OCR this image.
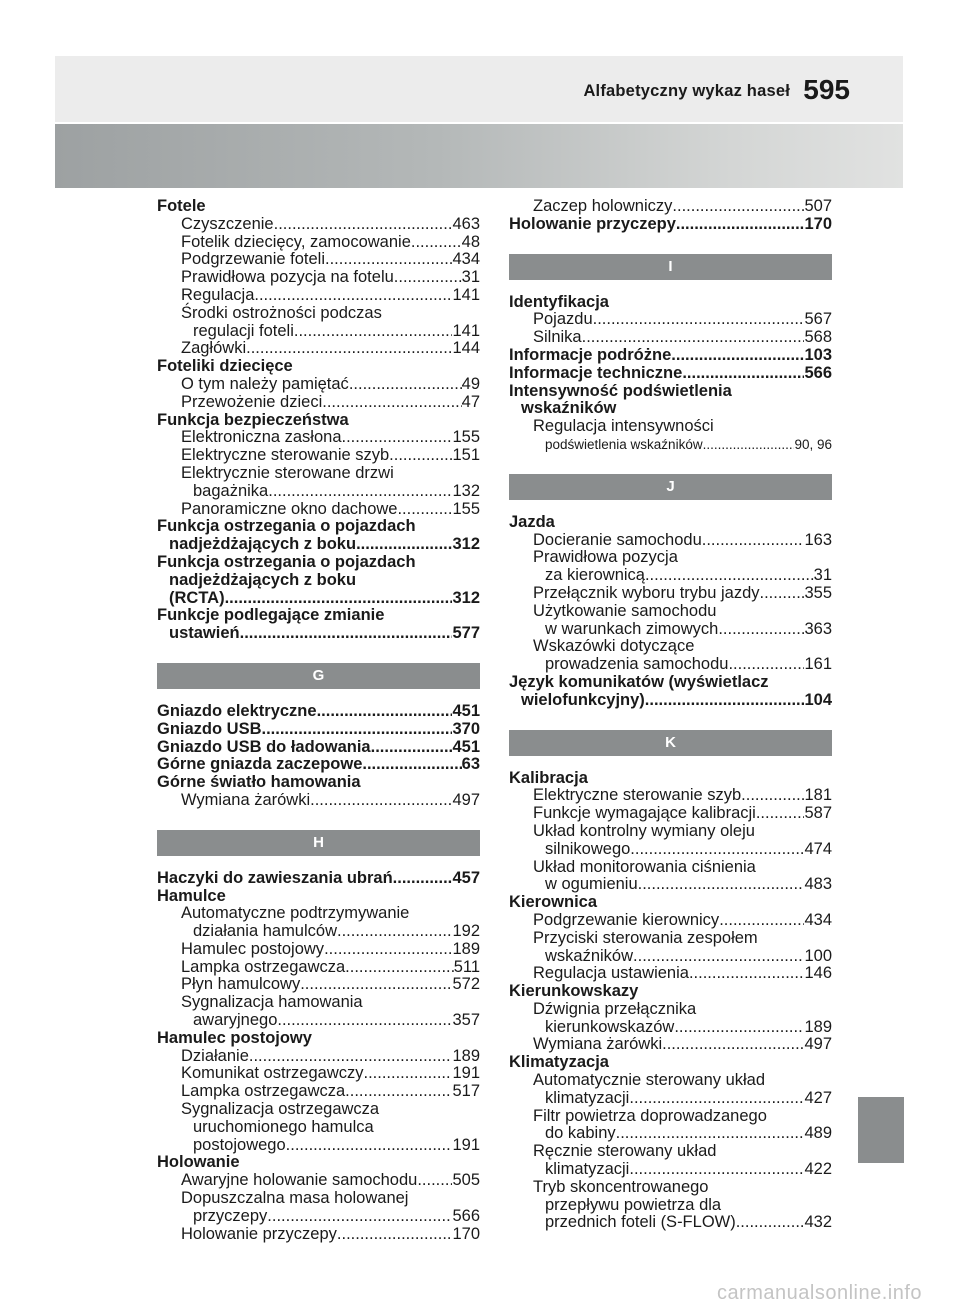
Alfabetyczny wykaz haseł 595
Fotele
Czyszczenie .....	463
Fotelik dziecięcy, zamocowanie .....	48
Podgrzewanie foteli .....	434
Prawidłowa pozycja na fotelu .....	31
Regulacja .....	141
Środki ostrożności podczas
regulacji foteli .....	141
Zagłówki .....	144
Foteliki dziecięce
O tym należy pamiętać .....	49
Przewożenie dzieci .....	47
Funkcja bezpieczeństwa
Elektroniczna zasłona .....	155
Elektryczne sterowanie szyb .....	151
Elektrycznie sterowane drzwi
bagażnika .....	132
Panoramiczne okno dachowe .....	155
Funkcja ostrzegania o pojazdach
nadjeżdżających z boku .....	312
Funkcja ostrzegania o pojazdach
nadjeżdżających z boku
(RCTA) .....	312
Funkcje podlegające zmianie
ustawień .....	577
G
Gniazdo elektryczne .....	451
Gniazdo USB .....	370
Gniazdo USB do ładowania .....	451
Górne gniazda zaczepowe .....	63
Górne światło hamowania
Wymiana żarówki .....	497
H
Haczyki do zawieszania ubrań .....	457
Hamulce
Automatyczne podtrzymywanie
działania hamulców .....	192
Hamulec postojowy .....	189
Lampka ostrzegawcza .....	511
Płyn hamulcowy .....	572
Sygnalizacja hamowania
awaryjnego .....	357
Hamulec postojowy
Działanie .....	189
Komunikat ostrzegawczy .....	191
Lampka ostrzegawcza .....	517
Sygnalizacja ostrzegawcza
uruchomionego hamulca
postojowego .....	191
Holowanie
Awaryjne holowanie samochodu ..... 505
Dopuszczalna masa holowanej
przyczepy .....	566
Holowanie przyczepy .....	170
Zaczep holowniczy .....	507
Holowanie przyczepy .....	170
I
Identyfikacja
Pojazdu .....	567
Silnika .....	568
Informacje podróżne .....	103
Informacje techniczne .....	566
Intensywność podświetlenia
wskaźników
Regulacja intensywności
podświetlenia wskaźników .....	90, 96
J
Jazda
Docieranie samochodu .....	163
Prawidłowa pozycja
za kierownicą .....	31
Przełącznik wyboru trybu jazdy .....	355
Użytkowanie samochodu
w warunkach zimowych .....	363
Wskazówki dotyczące
prowadzenia samochodu .....	161
Język komunikatów (wyświetlacz
wielofunkcyjny) .....	104
K
Kalibracja
Elektryczne sterowanie szyb .....	181
Funkcje wymagające kalibracji .....	587
Układ kontrolny wymiany oleju
silnikowego .....	474
Układ monitorowania ciśnienia
w ogumieniu .....	483
Kierownica
Podgrzewanie kierownicy .....	434
Przyciski sterowania zespołem
wskaźników .....	100
Regulacja ustawienia .....	146
Kierunkowskazy
Dźwignia przełącznika
kierunkowskazów .....	189
Wymiana żarówki .....	497
Klimatyzacja
Automatycznie sterowany układ
klimatyzacji .....	427
Filtr powietrza doprowadzanego
do kabiny .....	489
Ręcznie sterowany układ
klimatyzacji .....	422
Tryb skoncentrowanego
przepływu powietrza dla
przednich foteli (S-FLOW) .....	432
carmanualsonline.info
